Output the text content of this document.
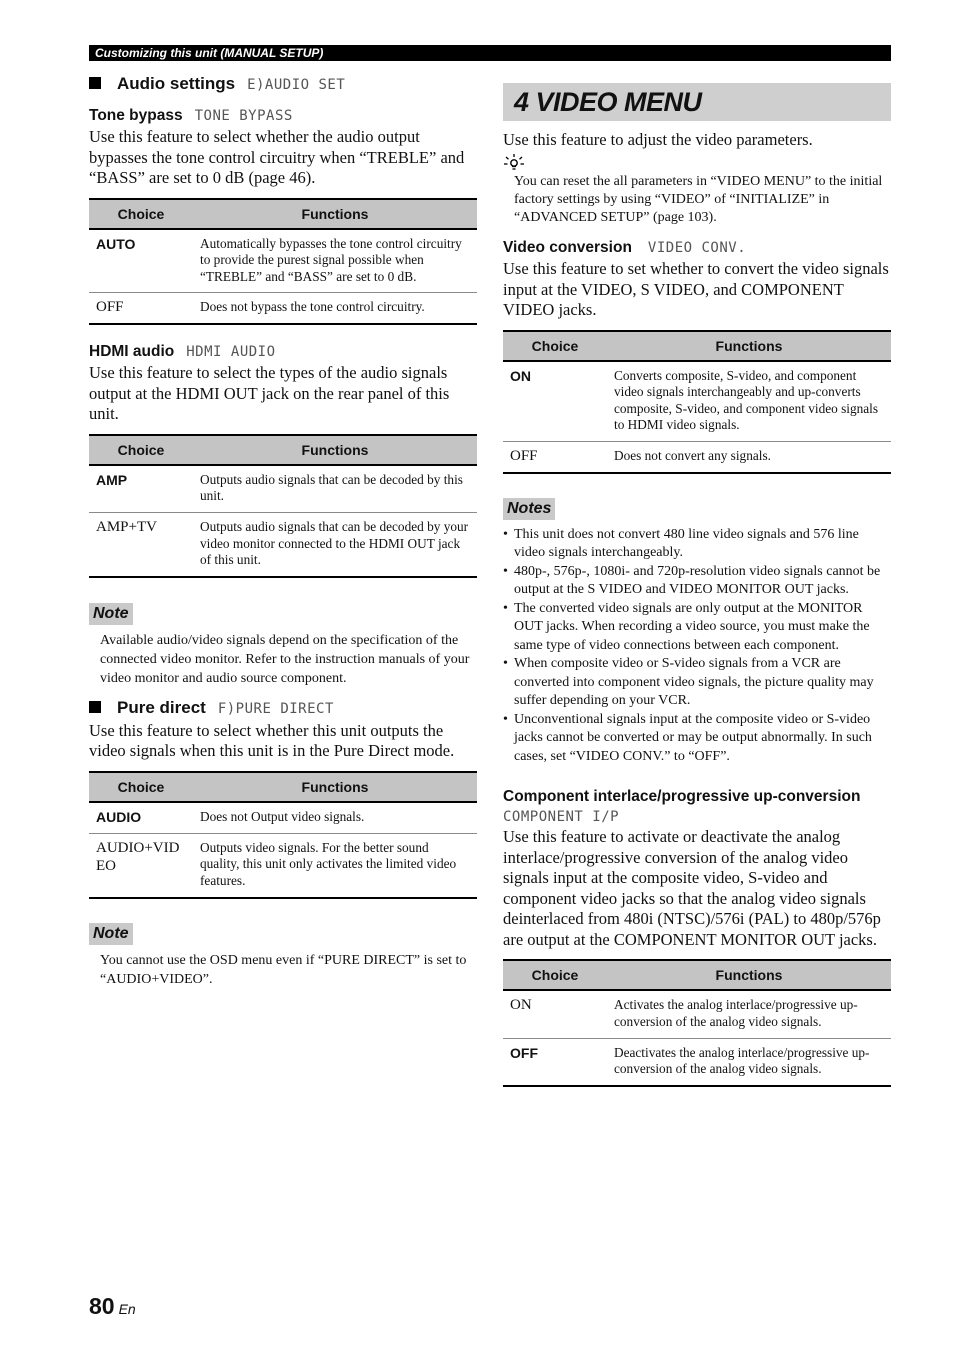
Customizing this unit (MANUAL SETUP)
Audio settings E)AUDIO SET
Tone bypass TONE BYPASS

Use this feature to select whether the audio output bypasses the tone control circuitry when “TREBLE” and “BASS” are set to 0 dB (page 46).

Choice	Functions
AUTO	Automatically bypasses the tone control circuitry to provide the purest signal possible when “TREBLE” and “BASS” are set to 0 dB.
OFF	Does not bypass the tone control circuitry.
HDMI audio HDMI AUDIO

Use this feature to select the types of the audio signals output at the HDMI OUT jack on the rear panel of this unit.

Choice	Functions
AMP	Outputs audio signals that can be decoded by this unit.
AMP+TV	Outputs audio signals that can be decoded by your video monitor connected to the HDMI OUT jack of this unit.
Note

Available audio/video signals depend on the specification of the connected video monitor. Refer to the instruction manuals of your video monitor and audio source component.

Pure direct F)PURE DIRECT

Use this feature to select whether this unit outputs the video signals when this unit is in the Pure Direct mode.

Choice	Functions
AUDIO	Does not Output video signals.
AUDIO+VID EO	Outputs video signals. For the better sound quality, this unit only activates the limited video features.
Note

You cannot use the OSD menu even if “PURE DIRECT” is set to “AUDIO+VIDEO”.

4 VIDEO MENU

Use this feature to adjust the video parameters.

You can reset the all parameters in “VIDEO MENU” to the initial factory settings by using “VIDEO” of “INITIALIZE” in “ADVANCED SETUP” (page 103).

Video conversion VIDEO CONV.

Use this feature to set whether to convert the video signals input at the VIDEO, S VIDEO, and COMPONENT VIDEO jacks.

Choice	Functions
ON	Converts composite, S-video, and component video signals interchangeably and up-converts composite, S-video, and component video signals to HDMI video signals.
OFF	Does not convert any signals.
Notes
• This unit does not convert 480 line video signals and 576 line video signals interchangeably.
• 480p-, 576p-, 1080i- and 720p-resolution video signals cannot be output at the S VIDEO and VIDEO MONITOR OUT jacks.
• The converted video signals are only output at the MONITOR OUT jacks. When recording a video source, you must make the same type of video connections between each component.
• When composite video or S-video signals from a VCR are converted into component video signals, the picture quality may suffer depending on your VCR.
• Unconventional signals input at the composite video or S-video jacks cannot be converted or may be output abnormally. In such cases, set “VIDEO CONV.” to “OFF”.
Component interlace/progressive up-conversion
COMPONENT I/P

Use this feature to activate or deactivate the analog interlace/progressive conversion of the analog video signals input at the composite video, S-video and component video jacks so that the analog video signals deinterlaced from 480i (NTSC)/576i (PAL) to 480p/576p are output at the COMPONENT MONITOR OUT jacks.

Choice	Functions
ON	Activates the analog interlace/progressive up-conversion of the analog video signals.
OFF	Deactivates the analog interlace/progressive up-conversion of the analog video signals.
80 En
